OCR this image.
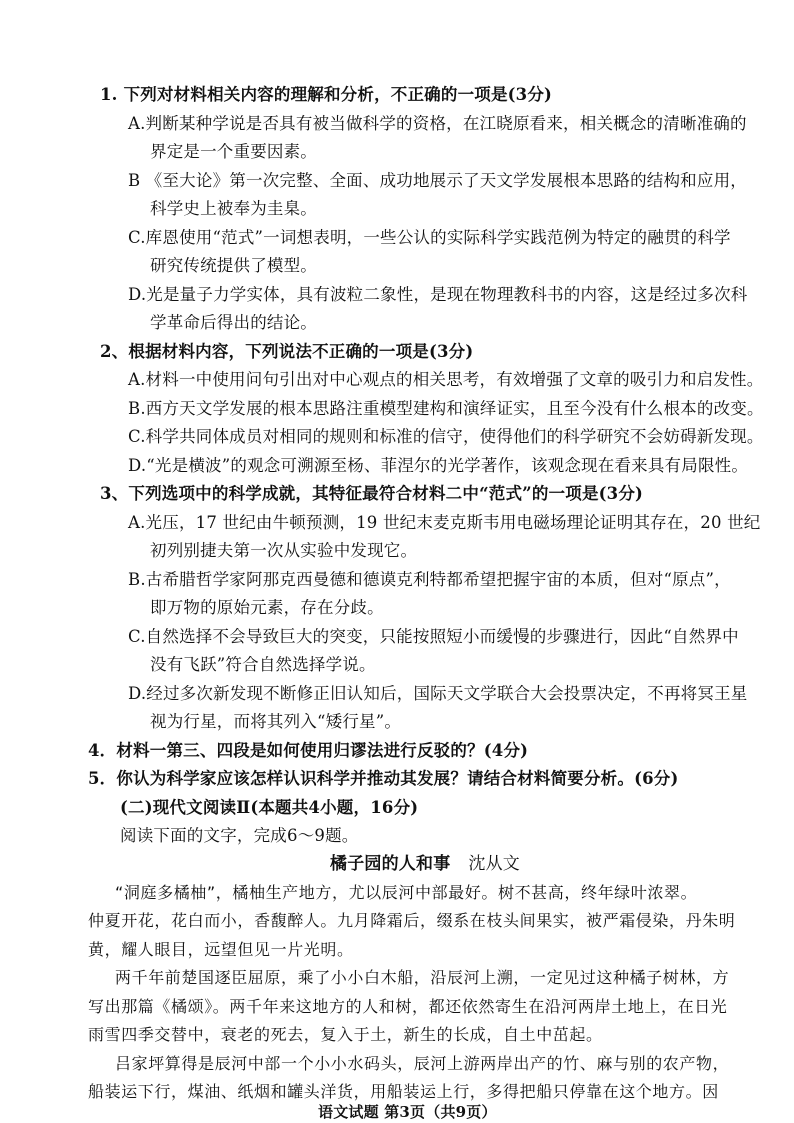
1. 下列对材料相关内容的理解和分析，不正确的一项是(3分)
A.判断某种学说是否具有被当做科学的资格，在江晓原看来，相关概念的清晰准确的
界定是一个重要因素。
B 《至大论》第一次完整、全面、成功地展示了天文学发展根本思路的结构和应用，
科学史上被奉为圭臬。
C.库恩使用“范式”一词想表明，一些公认的实际科学实践范例为特定的融贯的科学
研究传统提供了模型。
D.光是量子力学实体，具有波粒二象性，是现在物理教科书的内容，这是经过多次科
学革命后得出的结论。
2、根据材料内容，下列说法不正确的一项是(3分)
A.材料一中使用问句引出对中心观点的相关思考，有效增强了文章的吸引力和启发性。
B.西方天文学发展的根本思路注重模型建构和演绎证实，且至今没有什么根本的改变。
C.科学共同体成员对相同的规则和标准的信守，使得他们的科学研究不会妨碍新发现。
D.“光是横波”的观念可溯源至杨、菲涅尔的光学著作，该观念现在看来具有局限性。
3、下列选项中的科学成就，其特征最符合材料二中“范式”的一项是(3分)
A.光压，17 世纪由牛顿预测，19 世纪末麦克斯韦用电磁场理论证明其存在，20 世纪
初列别捷夫第一次从实验中发现它。
B.古希腊哲学家阿那克西曼德和德谟克利特都希望把握宇宙的本质，但对“原点”，
即万物的原始元素，存在分歧。
C.自然选择不会导致巨大的突变，只能按照短小而缓慢的步骤进行，因此“自然界中
没有飞跃”符合自然选择学说。
D.经过多次新发现不断修正旧认知后，国际天文学联合大会投票决定，不再将冥王星
视为行星，而将其列入“矮行星”。
4．材料一第三、四段是如何使用归谬法进行反驳的？(4分)
5．你认为科学家应该怎样认识科学并推动其发展？请结合材料简要分析。(6分)
(二)现代文阅读Ⅱ(本题共4小题，16分)
阅读下面的文字，完成6～9题。
橘子园的人和事 沈从文
“洞庭多橘柚”，橘柚生产地方，尤以辰河中部最好。树不甚高，终年绿叶浓翠。
仲夏开花，花白而小，香馥醉人。九月降霜后，缀系在枝头间果实，被严霜侵染，丹朱明
黄，耀人眼目，远望但见一片光明。
两千年前楚国逐臣屈原，乘了小小白木船，沿辰河上溯，一定见过这种橘子树林，方
写出那篇《橘颂》。两千年来这地方的人和树，都还依然寄生在沿河两岸土地上，在日光
雨雪四季交替中，衰老的死去，复入于土，新生的长成，自土中茁起。
吕家坪算得是辰河中部一个小小水码头，辰河上游两岸出产的竹、麻与别的农产物，
船装运下行，煤油、纸烟和罐头洋货，用船装运上行，多得把船只停靠在这个地方。因
语文试题 第3页（共9页）
